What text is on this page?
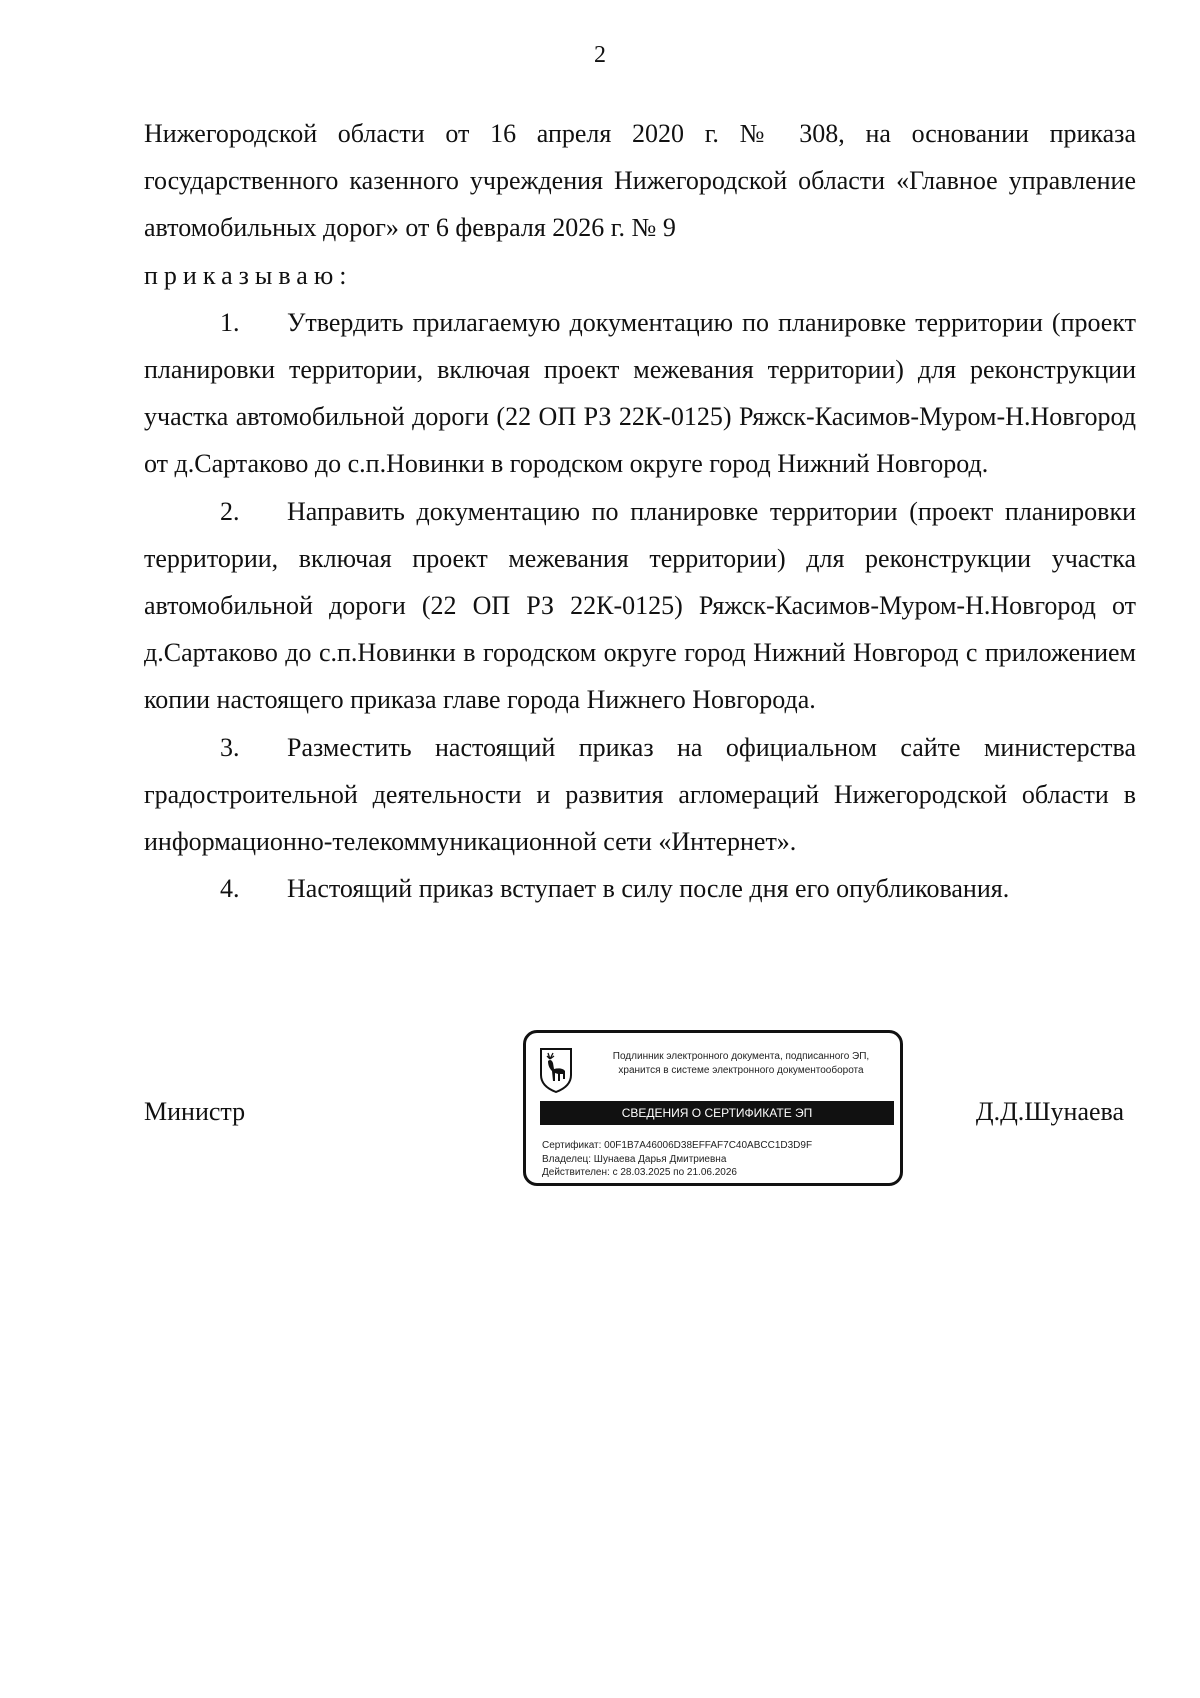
2

Нижегородской области от 16 апреля 2020 г. № 308, на основании приказа государственного казенного учреждения Нижегородской области «Главное управление автомобильных дорог» от 6 февраля 2026 г. № 9

приказываю:

1. Утвердить прилагаемую документацию по планировке территории (проект планировки территории, включая проект межевания территории) для реконструкции участка автомобильной дороги (22 ОП РЗ 22К-0125) Ряжск-Касимов-Муром-Н.Новгород от д.Сартаково до с.п.Новинки в городском округе город Нижний Новгород.

2. Направить документацию по планировке территории (проект планировки территории, включая проект межевания территории) для реконструкции участка автомобильной дороги (22 ОП РЗ 22К-0125) Ряжск-Касимов-Муром-Н.Новгород от д.Сартаково до с.п.Новинки в городском округе город Нижний Новгород с приложением копии настоящего приказа главе города Нижнего Новгорода.

3. Разместить настоящий приказ на официальном сайте министерства градостроительной деятельности и развития агломераций Нижегородской области в информационно-телекоммуникационной сети «Интернет».

4. Настоящий приказ вступает в силу после дня его опубликования.

Министр	Д.Д.Шунаева
Подлинник электронного документа, подписанного ЭП,
хранится в системе электронного документооборота
СВЕДЕНИЯ О СЕРТИФИКАТЕ ЭП
Сертификат: 00F1B7A46006D38EFFAF7C40ABCC1D3D9F
Владелец: Шунаева Дарья Дмитриевна
Действителен: с 28.03.2025 по 21.06.2026
